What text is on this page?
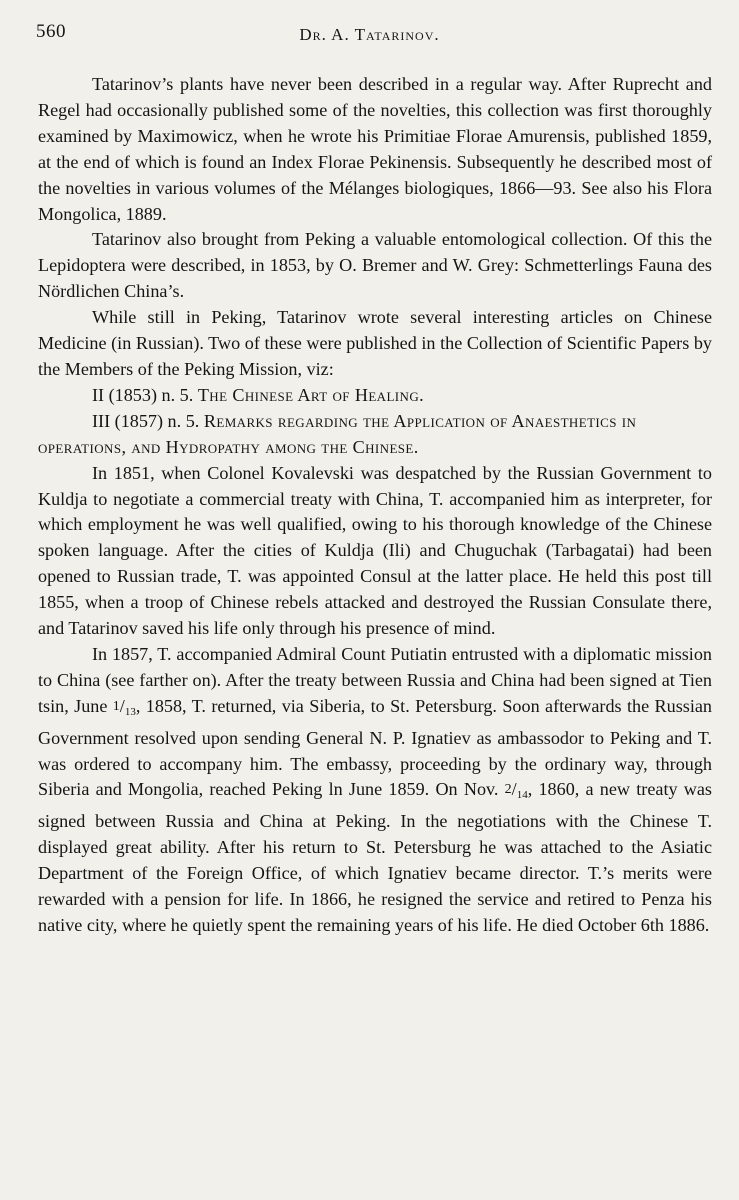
560	Dr. A. Tatarinov.

Tatarinov’s plants have never been described in a regular way. After Ruprecht and Regel had occasionally published some of the novelties, this collection was first thoroughly examined by Maximowicz, when he wrote his Primitiae Florae Amurensis, published 1859, at the end of which is found an Index Florae Pekinensis. Subsequently he described most of the novelties in various volumes of the Mélanges biologiques, 1866—93. See also his Flora Mongolica, 1889.

Tatarinov also brought from Peking a valuable entomological collection. Of this the Lepidoptera were described, in 1853, by O. Bremer and W. Grey: Schmetterlings Fauna des Nördlichen China’s.

While still in Peking, Tatarinov wrote several interesting articles on Chinese Medicine (in Russian). Two of these were published in the Collection of Scientific Papers by the Members of the Peking Mission, viz:

II (1853) n. 5. The Chinese Art of Healing.

III (1857) n. 5. Remarks regarding the Application of Anaesthetics in operations, and Hydropathy among the Chinese.

In 1851, when Colonel Kovalevski was despatched by the Russian Government to Kuldja to negotiate a commercial treaty with China, T. accompanied him as interpreter, for which employment he was well qualified, owing to his thorough knowledge of the Chinese spoken language. After the cities of Kuldja (Ili) and Chuguchak (Tarbagatai) had been opened to Russian trade, T. was appointed Consul at the latter place. He held this post till 1855, when a troop of Chinese rebels attacked and destroyed the Russian Consulate there, and Tatarinov saved his life only through his presence of mind.

In 1857, T. accompanied Admiral Count Putiatin entrusted with a diplomatic mission to China (see farther on). After the treaty between Russia and China had been signed at Tien tsin, June 1/13, 1858, T. returned, via Siberia, to St. Petersburg. Soon afterwards the Russian Government resolved upon sending General N. P. Ignatiev as ambassodor to Peking and T. was ordered to accompany him. The embassy, proceeding by the ordinary way, through Siberia and Mongolia, reached Peking ln June 1859. On Nov. 2/14, 1860, a new treaty was signed between Russia and China at Peking. In the negotiations with the Chinese T. displayed great ability. After his return to St. Petersburg he was attached to the Asiatic Department of the Foreign Office, of which Ignatiev became director. T.’s merits were rewarded with a pension for life. In 1866, he resigned the service and retired to Penza his native city, where he quietly spent the remaining years of his life. He died October 6th 1886.
